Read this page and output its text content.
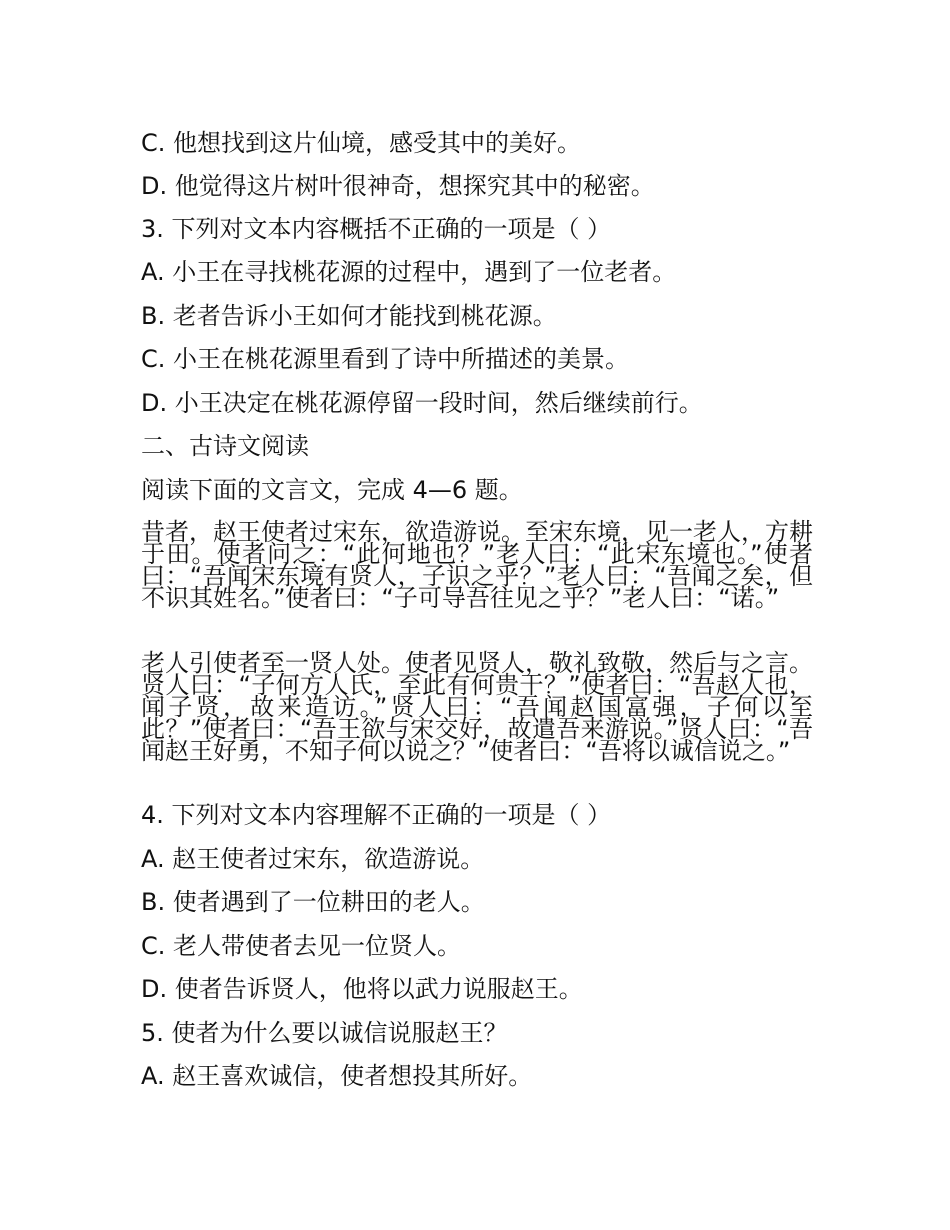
C. 他想找到这片仙境，感受其中的美好。
D. 他觉得这片树叶很神奇，想探究其中的秘密。
3. 下列对文本内容概括不正确的一项是（ ）
A. 小王在寻找桃花源的过程中，遇到了一位老者。
B. 老者告诉小王如何才能找到桃花源。
C. 小王在桃花源里看到了诗中所描述的美景。
D. 小王决定在桃花源停留一段时间，然后继续前行。
二、古诗文阅读
阅读下面的文言文，完成 4—6 题。
昔者，赵王使者过宋东，欲造游说。至宋东境，见一老人，方耕于田。使者问之：“此何地也？”老人曰：“此宋东境也。”使者曰：“吾闻宋东境有贤人，子识之乎？”老人曰：“吾闻之矣，但不识其姓名。”使者曰：“子可导吾往见之乎？”老人曰：“诺。”
老人引使者至一贤人处。使者见贤人，敬礼致敬，然后与之言。贤人曰：“子何方人氏，至此有何贵干？”使者曰：“吾赵人也，闻子贤，故来造访。”贤人曰：“吾闻赵国富强，子何以至此？”使者曰：“吾王欲与宋交好，故遣吾来游说。”贤人曰：“吾闻赵王好勇，不知子何以说之？”使者曰：“吾将以诚信说之。”
4. 下列对文本内容理解不正确的一项是（ ）
A. 赵王使者过宋东，欲造游说。
B. 使者遇到了一位耕田的老人。
C. 老人带使者去见一位贤人。
D. 使者告诉贤人，他将以武力说服赵王。
5. 使者为什么要以诚信说服赵王？
A. 赵王喜欢诚信，使者想投其所好。
